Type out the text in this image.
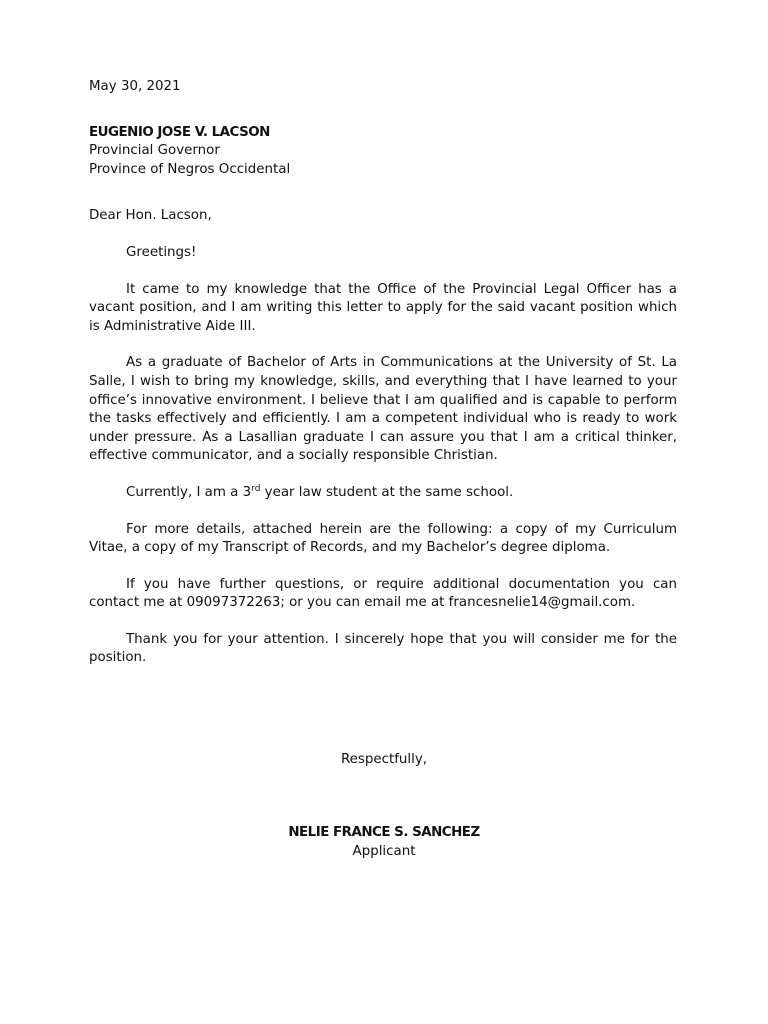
May 30, 2021
EUGENIO JOSE V. LACSON
Provincial Governor
Province of Negros Occidental
Dear Hon. Lacson,

Greetings!

It came to my knowledge that the Office of the Provincial Legal Officer has a vacant position, and I am writing this letter to apply for the said vacant position which is Administrative Aide III.

As a graduate of Bachelor of Arts in Communications at the University of St. La Salle, I wish to bring my knowledge, skills, and everything that I have learned to your office’s innovative environment. I believe that I am qualified and is capable to perform the tasks effectively and efficiently. I am a competent individual who is ready to work under pressure. As a Lasallian graduate I can assure you that I am a critical thinker, effective communicator, and a socially responsible Christian.

Currently, I am a 3rd year law student at the same school.

For more details, attached herein are the following: a copy of my Curriculum Vitae, a copy of my Transcript of Records, and my Bachelor’s degree diploma.

If you have further questions, or require additional documentation you can contact me at 09097372263; or you can email me at francesnelie14@gmail.com.

Thank you for your attention. I sincerely hope that you will consider me for the position.

Respectfully,
NELIE FRANCE S. SANCHEZ
Applicant
